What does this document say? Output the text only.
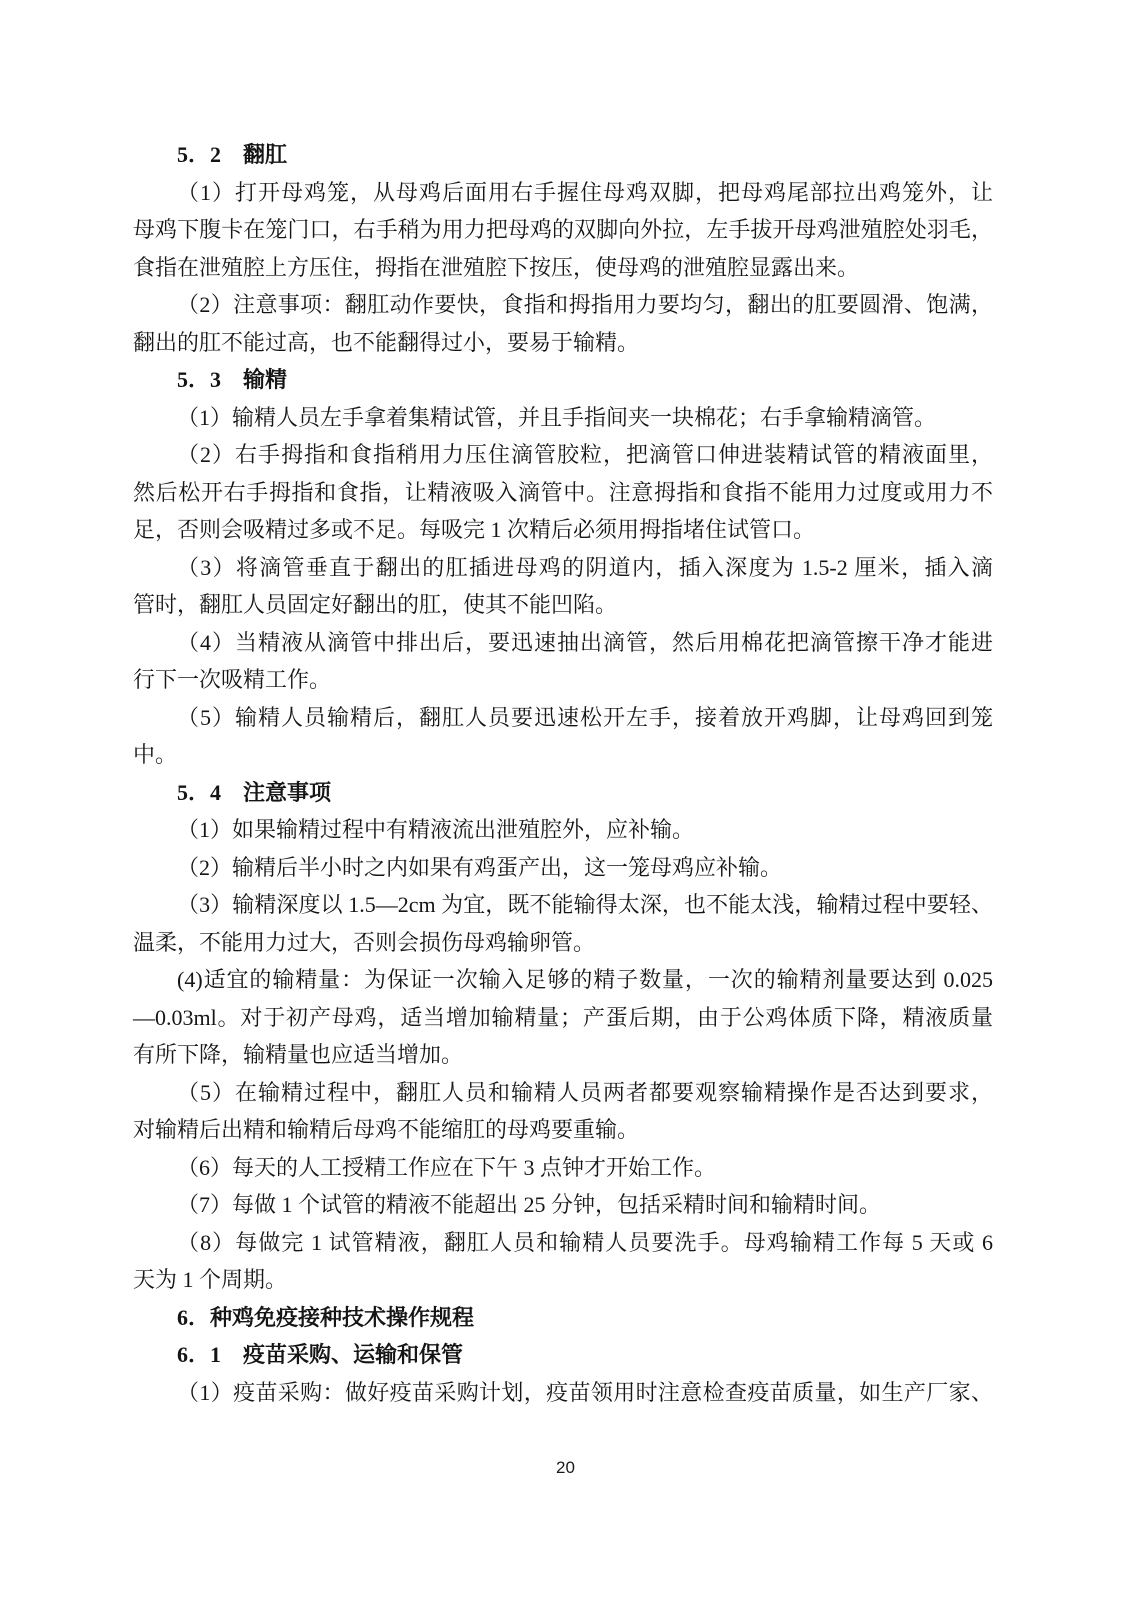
5．2　翻肛

（1）打开母鸡笼，从母鸡后面用右手握住母鸡双脚，把母鸡尾部拉出鸡笼外，让
母鸡下腹卡在笼门口，右手稍为用力把母鸡的双脚向外拉，左手拔开母鸡泄殖腔处羽毛，
食指在泄殖腔上方压住，拇指在泄殖腔下按压，使母鸡的泄殖腔显露出来。

（2）注意事项：翻肛动作要快，食指和拇指用力要均匀，翻出的肛要圆滑、饱满，
翻出的肛不能过高，也不能翻得过小，要易于输精。

5．3　输精

（1）输精人员左手拿着集精试管，并且手指间夹一块棉花；右手拿输精滴管。

（2）右手拇指和食指稍用力压住滴管胶粒，把滴管口伸进装精试管的精液面里，
然后松开右手拇指和食指，让精液吸入滴管中。注意拇指和食指不能用力过度或用力不
足，否则会吸精过多或不足。每吸完 1 次精后必须用拇指堵住试管口。

（3）将滴管垂直于翻出的肛插进母鸡的阴道内，插入深度为 1.5-2 厘米，插入滴
管时，翻肛人员固定好翻出的肛，使其不能凹陷。

（4）当精液从滴管中排出后，要迅速抽出滴管，然后用棉花把滴管擦干净才能进
行下一次吸精工作。

（5）输精人员输精后，翻肛人员要迅速松开左手，接着放开鸡脚，让母鸡回到笼
中。

5．4　注意事项

（1）如果输精过程中有精液流出泄殖腔外，应补输。

（2）输精后半小时之内如果有鸡蛋产出，这一笼母鸡应补输。

（3）输精深度以 1.5—2cm 为宜，既不能输得太深，也不能太浅，输精过程中要轻、
温柔，不能用力过大，否则会损伤母鸡输卵管。

(4)适宜的输精量：为保证一次输入足够的精子数量，一次的输精剂量要达到 0.025
—0.03ml。对于初产母鸡，适当增加输精量；产蛋后期，由于公鸡体质下降，精液质量
有所下降，输精量也应适当增加。

（5）在输精过程中，翻肛人员和输精人员两者都要观察输精操作是否达到要求，
对输精后出精和输精后母鸡不能缩肛的母鸡要重输。

（6）每天的人工授精工作应在下午 3 点钟才开始工作。

（7）每做 1 个试管的精液不能超出 25 分钟，包括采精时间和输精时间。

（8）每做完 1 试管精液，翻肛人员和输精人员要洗手。母鸡输精工作每 5 天或 6
天为 1 个周期。

6．种鸡免疫接种技术操作规程
6．1　疫苗采购、运输和保管

（1）疫苗采购：做好疫苗采购计划，疫苗领用时注意检查疫苗质量，如生产厂家、

20
